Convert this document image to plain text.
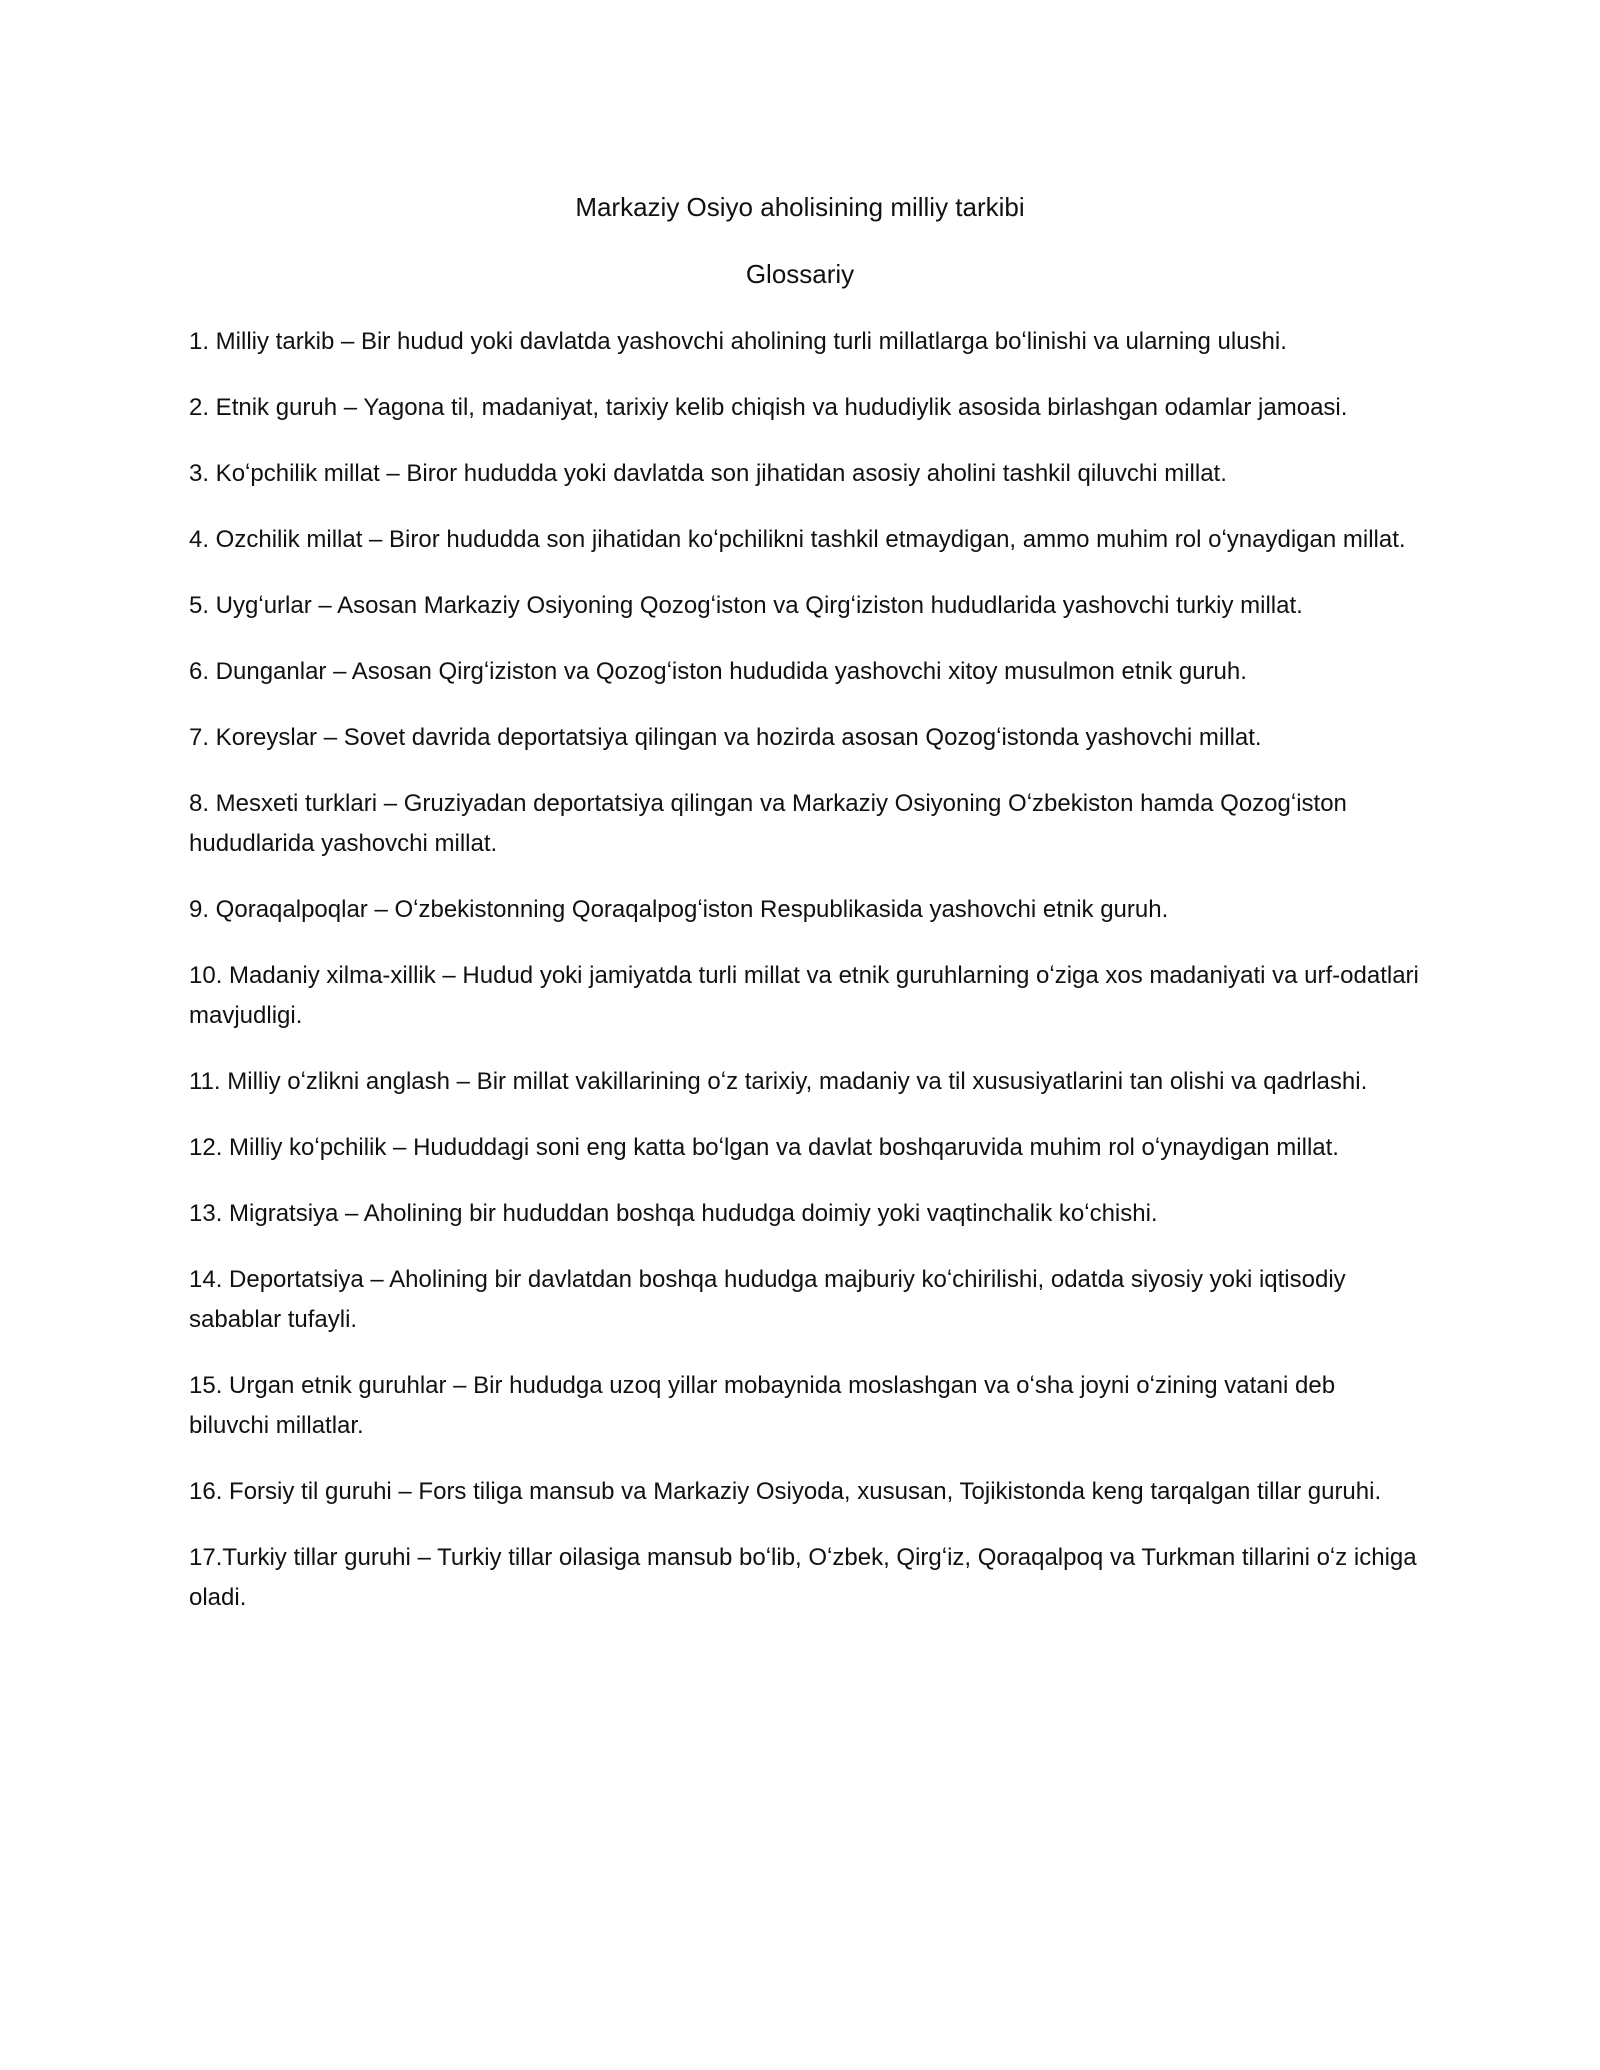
Markaziy Osiyo aholisining milliy tarkibi
Glossariy
1. Milliy tarkib – Bir hudud yoki davlatda yashovchi aholining turli millatlarga boʻlinishi va ularning ulushi.
2. Etnik guruh – Yagona til, madaniyat, tarixiy kelib chiqish va hududiylik asosida birlashgan odamlar jamoasi.
3. Koʻpchilik millat – Biror hududda yoki davlatda son jihatidan asosiy aholini tashkil qiluvchi millat.
4. Ozchilik millat – Biror hududda son jihatidan koʻpchilikni tashkil etmaydigan, ammo muhim rol oʻynaydigan millat.
5. Uygʻurlar – Asosan Markaziy Osiyoning Qozogʻiston va Qirgʻiziston hududlarida yashovchi turkiy millat.
6. Dunganlar – Asosan Qirgʻiziston va Qozogʻiston hududida yashovchi xitoy musulmon etnik guruh.
7. Koreyslar – Sovet davrida deportatsiya qilingan va hozirda asosan Qozogʻistonda yashovchi millat.
8. Mesxeti turklari – Gruziyadan deportatsiya qilingan va Markaziy Osiyoning Oʻzbekiston hamda Qozogʻiston hududlarida yashovchi millat.
9. Qoraqalpoqlar – Oʻzbekistonning Qoraqalpogʻiston Respublikasida yashovchi etnik guruh.
10. Madaniy xilma-xillik – Hudud yoki jamiyatda turli millat va etnik guruhlarning oʻziga xos madaniyati va urf-odatlari mavjudligi.
11. Milliy oʻzlikni anglash – Bir millat vakillarining oʻz tarixiy, madaniy va til xususiyatlarini tan olishi va qadrlashi.
12. Milliy koʻpchilik – Hududdagi soni eng katta boʻlgan va davlat boshqaruvida muhim rol oʻynaydigan millat.
13. Migratsiya – Aholining bir hududdan boshqa hududga doimiy yoki vaqtinchalik koʻchishi.
14. Deportatsiya – Aholining bir davlatdan boshqa hududga majburiy koʻchirilishi, odatda siyosiy yoki iqtisodiy sabablar tufayli.
15. Urgan etnik guruhlar – Bir hududga uzoq yillar mobaynida moslashgan va oʻsha joyni oʻzining vatani deb biluvchi millatlar.
16. Forsiy til guruhi – Fors tiliga mansub va Markaziy Osiyoda, xususan, Tojikistonda keng tarqalgan tillar guruhi.
17.Turkiy tillar guruhi – Turkiy tillar oilasiga mansub boʻlib, Oʻzbek, Qirgʻiz, Qoraqalpoq va Turkman tillarini oʻz ichiga oladi.
